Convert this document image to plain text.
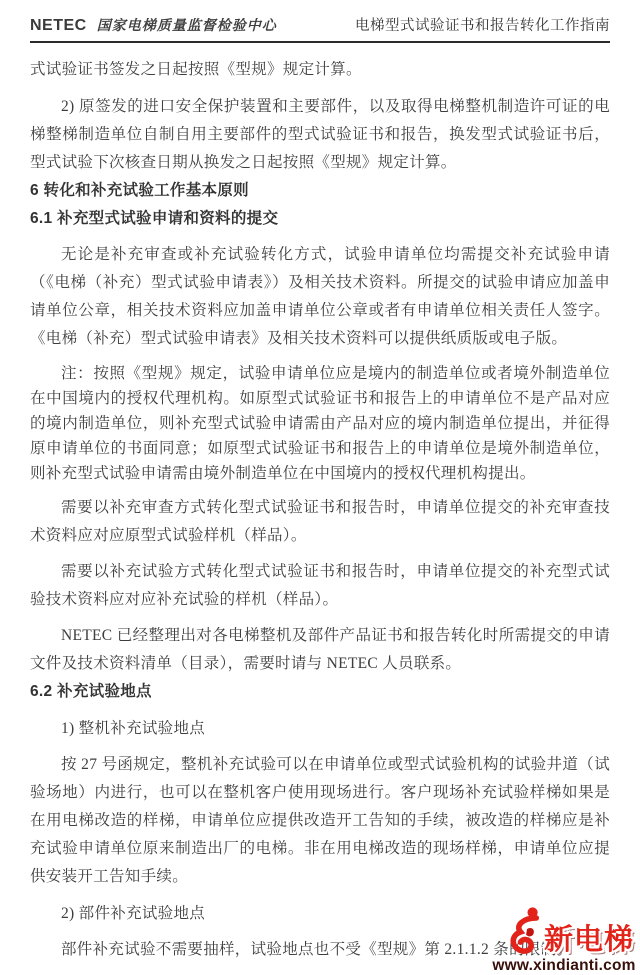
NETEC 国家电梯质量监督检验中心	电梯型式试验证书和报告转化工作指南

式试验证书签发之日起按照《型规》规定计算。

2) 原签发的进口安全保护装置和主要部件，以及取得电梯整机制造许可证的电梯整梯制造单位自制自用主要部件的型式试验证书和报告，换发型式试验证书后，型式试验下次核查日期从换发之日起按照《型规》规定计算。

6 转化和补充试验工作基本原则

6.1 补充型式试验申请和资料的提交

无论是补充审查或补充试验转化方式，试验申请单位均需提交补充试验申请（《电梯（补充）型式试验申请表》）及相关技术资料。所提交的试验申请应加盖申请单位公章，相关技术资料应加盖申请单位公章或者有申请单位相关责任人签字。《电梯（补充）型式试验申请表》及相关技术资料可以提供纸质版或电子版。

注：按照《型规》规定，试验申请单位应是境内的制造单位或者境外制造单位在中国境内的授权代理机构。如原型式试验证书和报告上的申请单位不是产品对应的境内制造单位，则补充型式试验申请需由产品对应的境内制造单位提出，并征得原申请单位的书面同意；如原型式试验证书和报告上的申请单位是境外制造单位，则补充型式试验申请需由境外制造单位在中国境内的授权代理机构提出。

需要以补充审查方式转化型式试验证书和报告时，申请单位提交的补充审查技术资料应对应原型式试验样机（样品）。

需要以补充试验方式转化型式试验证书和报告时，申请单位提交的补充型式试验技术资料应对应补充试验的样机（样品）。

NETEC 已经整理出对各电梯整机及部件产品证书和报告转化时所需提交的申请文件及技术资料清单（目录），需要时请与 NETEC 人员联系。

6.2 补充试验地点

1) 整机补充试验地点

按 27 号函规定，整机补充试验可以在申请单位或型式试验机构的试验井道（试验场地）内进行，也可以在整机客户使用现场进行。客户现场补充试验样梯如果是在用电梯改造的样梯，申请单位应提供改造开工告知的手续，被改造的样梯应是补充试验申请单位原来制造出厂的电梯。非在用电梯改造的现场样梯，申请单位应提供安装开工告知手续。

2) 部件补充试验地点

部件补充试验不需要抽样，试验地点也不受《型规》第 2.1.1.2 条的限制。

新电梯
www.xindianti.com
